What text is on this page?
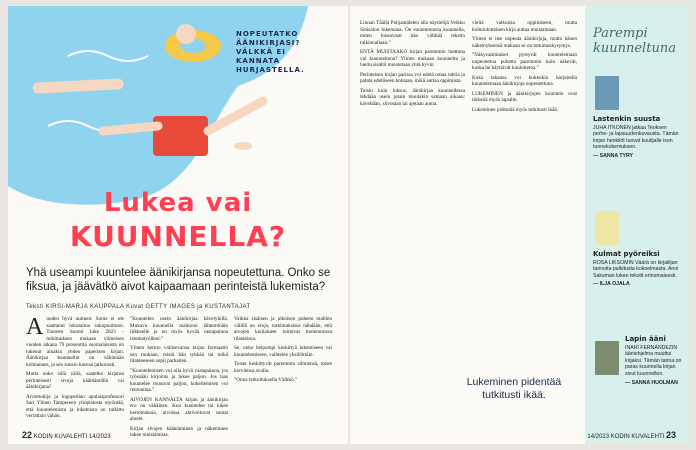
NOPEUTATKO
ÄÄNIKIRJASI?
VÄLKKÄ EI
KANNATA
HURJASTELLA.
Lukea vai
KUUNNELLA?
Yhä useampi kuuntelee äänikirjansa nopeutettuna. Onko se fiksua, ja jäävätkö aivot kaipaamaan perinteistä lukemista?
Teksti KIRSI-MARJA KAUPPALA Kuvat GETTY IMAGES ja KUSTANTAJAT

Auuden hyvä uutinen: Some ei ole saattanut lukutaitoa sukupuuttoon. Tuoreen Suomi luke 2023 -tutkimuksen mukaan viimeisen vuoden aikana 79 prosenttia suomalaisista on lukenut ainakin yhden paperisen kirjan. Äänikirjaa kuunnellut on vähintään kolmannes, ja sen suosio kasvaa jatkuvasti.

Mutta onko sillä väliä, saatetko kirjansa perinteisesti sivuja kääntämällä vai äänikirjana?

Aivoetukija ja logopedian apulaisprofessori Sari Ylinen Tampereen yliopistosta myöntää, että kuuntelemista ja lukemista on tutkittu verrattain vähän.

”Kuuntelen usein äänikirjaa kävelykillä. Mukava kuunnella maitooni lähteminäin liikkeelle ja on myös hyvää vastapainoa istumatyölleni.”

Ylinen kertoo valitsevansa kirjan formaatin sen mukaan, mistä hän tykkää tai mikä tilanteeseen sopii parhaiten.

”Kuuntelemisen voi olla hyvä vastapainoa, jos työssään kirjoitus ja lukee paljon. Jos taas kuuntelee muutoin paljon, kokeilemisen voi rentouttaa.”

AIVOJEN KANNALTA kirjan ja äänikirjan ero on vähäinen. Kun kuuntelee tai lukee kertomuksia, aivoissa aktivoituvat samat alueet.

Kirjan sivujen kääntäminen ja näkeminen tukee muistamista.

Vaikka sisäisen ja ulkoisen puheen mallien välillä on eroja, tutkimuksissa nähdään, että aivojen kielialueet toimivat molemmissa tilanteissa.

Se, onko helpompi keskittyä lukemiseen vai kuuntelemiseen, vaihtelee yksilöittäin.

Toiset keskittyvät paremmin silmiensä, toiset korviensa avulla.

”Onna tarkoituksella Välkkö.”

22 KODIN KUVALEHTI 14/2023

Linnan Täällä Pohjantähden alla näyttelijä Veikko Sinisalon lukemana. On suurenmoista kuunnella, miten loistavasti hän välittää tekstin tulkinnallaan.”

ENTÄ MUISTAAKO kirjan paremmin luettuna vai kuunneltuna? Ylinen mukaan kuunneltu ja luettu sisältö muistetaan yhtä hyvin.

Perinteisen kirjan parissa voi edetä omaa tahtia ja palata edelliseen kohtaan, mikä auttaa oppimista.

Toisin kuin luksus, äänikirjaa kuunnellessa tehdään usein jotain muutakin samaan aikaan: kävellään, siivotaan tai ajetaan autoa.

vieltä valkuisia oppimiseen, mutta kolmiulotteinen kirja auttaa muistamaan.

Ylinen ei itse nopeuta äänikirjoja, mutta hänen näkemyksensä mukaan se on tottumuskysymys.

”Näkyvammaiset pystyvät kuuntelemaan nopeutettua puhetta paremmin kuin näkevät, koska he käyttävät kuulotietoa.”

Kuka tahansa voi kuitenkin harjoitella kuuntelemaan äänikirjoja nopeutettuna.

LUKEMINEN ja äänikirjojen kuuntelu ovat tärkeitä myös lapsille.

Lukeminen pidentää myös tutkitusti ikää.

Lukeminen pidentää tutkitusti ikää.
Parempi kuunneltuna
Lastenkin suusta
JUHA ITKONEN jatkaa Teoksen perhe- ja lapsuudenkuvausta. Tämän kirjan henkilöt tuovat kuulijalle ison tunnekokemuksen.
— SANNA TYRY
Kulmat pyöreiksi
ROSA LIKSOMIN Väärä on kirjailijan tarinoita palkitusta kokoelmasta. Anni Saksman lukee tekstit erinomaisesti.
— ILJA OJALA
Lapin ääni
INARI FERNÁNDEZIN ääniohjelma muuttui kirjaksi. Tämän tarina on paras kuunnella kirjan sivut kuunnellen.
— SANNA HUOLMAN
14/2023 KODIN KUVALEHTI 23
